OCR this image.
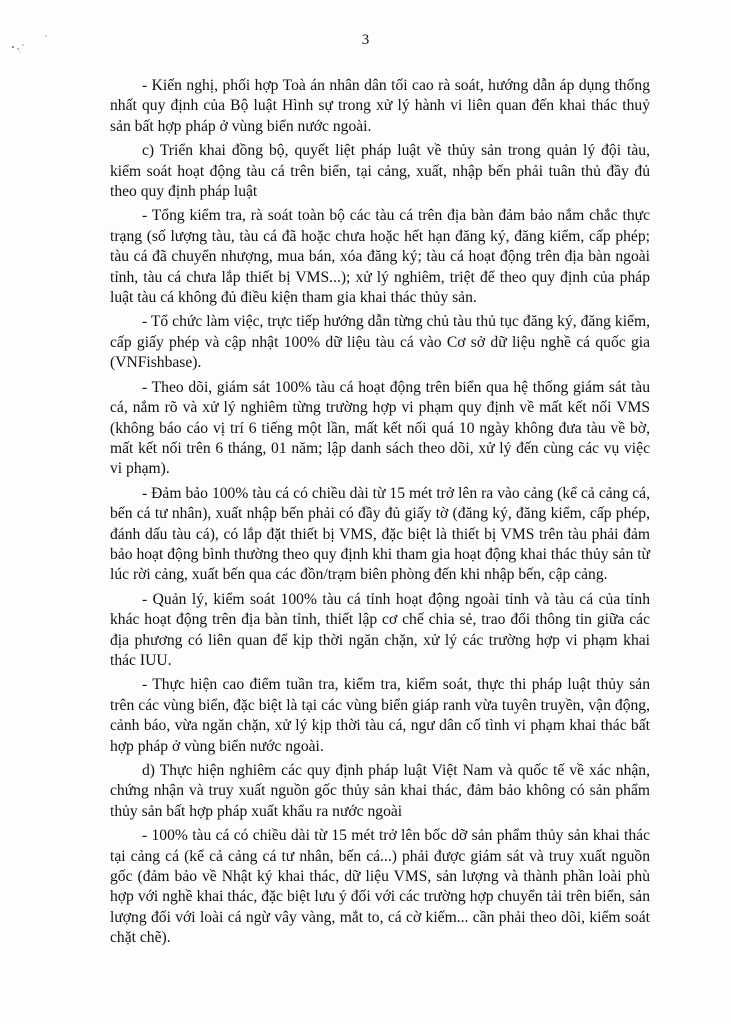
3

- Kiến nghị, phối hợp Toà án nhân dân tối cao rà soát, hướng dẫn áp dụng thống nhất quy định của Bộ luật Hình sự trong xử lý hành vi liên quan đến khai thác thuỷ sản bất hợp pháp ở vùng biển nước ngoài.

c) Triển khai đồng bộ, quyết liệt pháp luật về thủy sản trong quản lý đội tàu, kiểm soát hoạt động tàu cá trên biển, tại cảng, xuất, nhập bến phải tuân thủ đầy đủ theo quy định pháp luật

- Tổng kiểm tra, rà soát toàn bộ các tàu cá trên địa bàn đảm bảo nắm chắc thực trạng (số lượng tàu, tàu cá đã hoặc chưa hoặc hết hạn đăng ký, đăng kiểm, cấp phép; tàu cá đã chuyển nhượng, mua bán, xóa đăng ký; tàu cá hoạt động trên địa bàn ngoài tỉnh, tàu cá chưa lắp thiết bị VMS...); xử lý nghiêm, triệt để theo quy định của pháp luật tàu cá không đủ điều kiện tham gia khai thác thủy sản.

- Tổ chức làm việc, trực tiếp hướng dẫn từng chủ tàu thủ tục đăng ký, đăng kiểm, cấp giấy phép và cập nhật 100% dữ liệu tàu cá vào Cơ sở dữ liệu nghề cá quốc gia (VNFishbase).

- Theo dõi, giám sát 100% tàu cá hoạt động trên biển qua hệ thống giám sát tàu cá, nắm rõ và xử lý nghiêm từng trường hợp vi phạm quy định về mất kết nối VMS (không báo cáo vị trí 6 tiếng một lần, mất kết nối quá 10 ngày không đưa tàu về bờ, mất kết nối trên 6 tháng, 01 năm; lập danh sách theo dõi, xử lý đến cùng các vụ việc vi phạm).

- Đảm bảo 100% tàu cá có chiều dài từ 15 mét trở lên ra vào cảng (kể cả cảng cá, bến cá tư nhân), xuất nhập bến phải có đầy đủ giấy tờ (đăng ký, đăng kiểm, cấp phép, đánh dấu tàu cá), có lắp đặt thiết bị VMS, đặc biệt là thiết bị VMS trên tàu phải đảm bảo hoạt động bình thường theo quy định khi tham gia hoạt động khai thác thủy sản từ lúc rời cảng, xuất bến qua các đồn/trạm biên phòng đến khi nhập bến, cập cảng.

- Quản lý, kiểm soát 100% tàu cá tỉnh hoạt động ngoài tỉnh và tàu cá của tỉnh khác hoạt động trên địa bàn tỉnh, thiết lập cơ chế chia sẻ, trao đổi thông tin giữa các địa phương có liên quan để kịp thời ngăn chặn, xử lý các trường hợp vi phạm khai thác IUU.

- Thực hiện cao điểm tuần tra, kiểm tra, kiểm soát, thực thi pháp luật thủy sản trên các vùng biển, đặc biệt là tại các vùng biển giáp ranh vừa tuyên truyền, vận động, cảnh báo, vừa ngăn chặn, xử lý kịp thời tàu cá, ngư dân cố tình vi phạm khai thác bất hợp pháp ở vùng biển nước ngoài.

d) Thực hiện nghiêm các quy định pháp luật Việt Nam và quốc tế về xác nhận, chứng nhận và truy xuất nguồn gốc thủy sản khai thác, đảm bảo không có sản phẩm thủy sản bất hợp pháp xuất khẩu ra nước ngoài

- 100% tàu cá có chiều dài từ 15 mét trở lên bốc dỡ sản phẩm thủy sản khai thác tại cảng cá (kể cả cảng cá tư nhân, bến cá...) phải được giám sát và truy xuất nguồn gốc (đảm bảo về Nhật ký khai thác, dữ liệu VMS, sản lượng và thành phần loài phù hợp với nghề khai thác, đặc biệt lưu ý đối với các trường hợp chuyển tải trên biển, sản lượng đối với loài cá ngừ vây vàng, mắt to, cá cờ kiếm... cần phải theo dõi, kiểm soát chặt chẽ).
